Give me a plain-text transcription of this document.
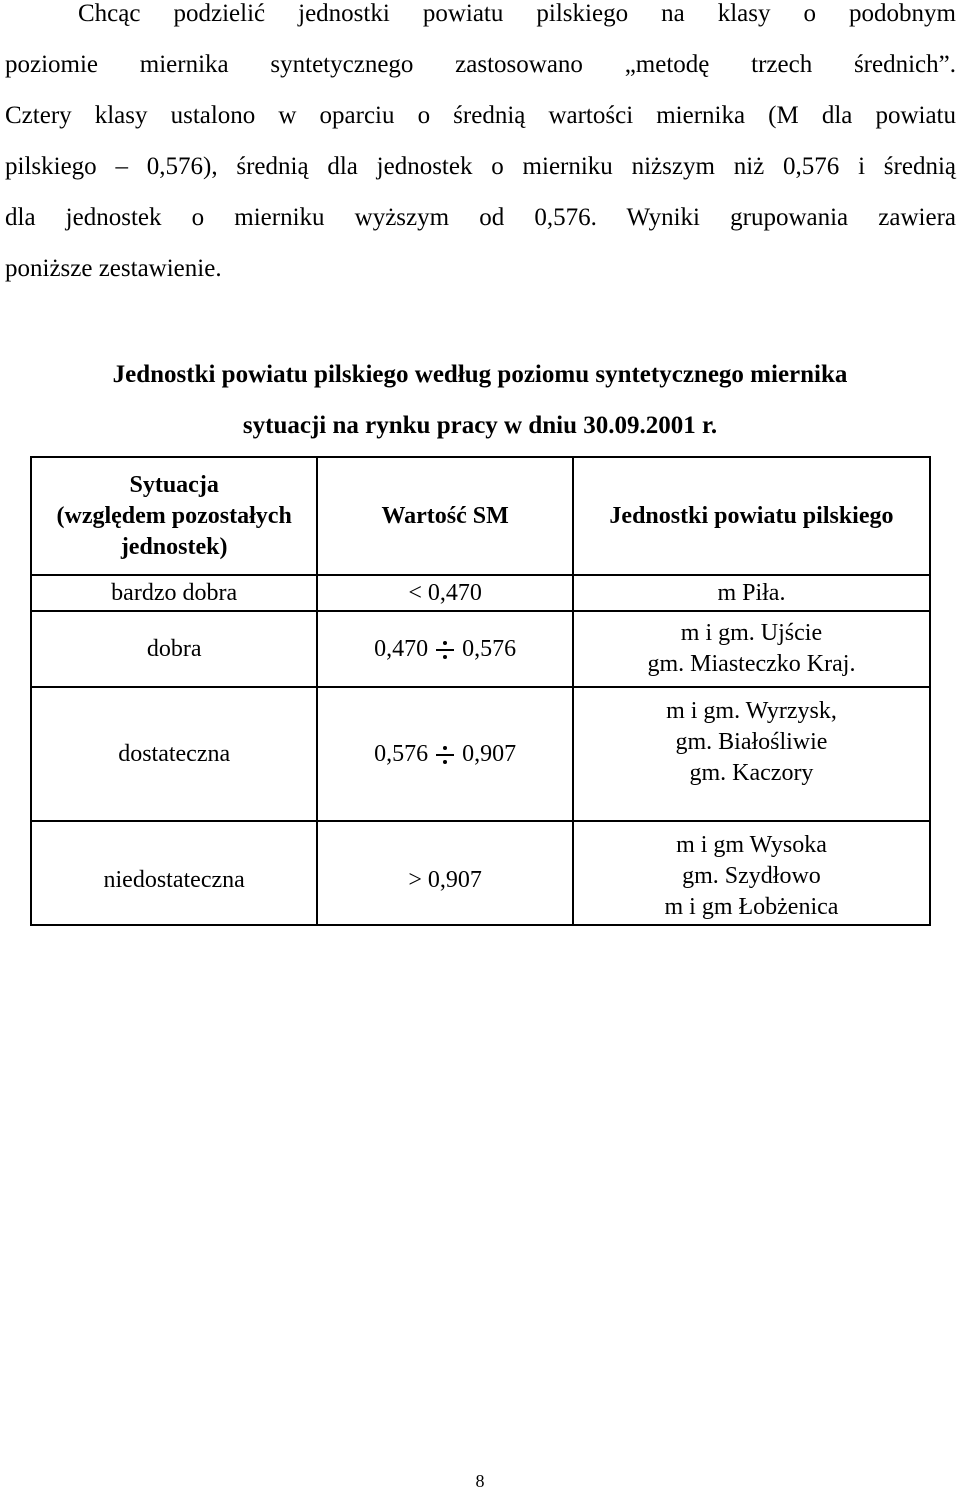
Chcąc podzielić jednostki powiatu pilskiego na klasy o podobnym
poziomie miernika syntetycznego zastosowano „metodę trzech średnich”.
Cztery klasy ustalono w oparciu o średnią wartości miernika (M dla powiatu
pilskiego – 0,576), średnią dla jednostek o mierniku niższym niż 0,576 i średnią
dla jednostek o mierniku wyższym od 0,576. Wyniki grupowania zawiera
poniższe zestawienie.
Jednostki powiatu pilskiego według poziomu syntetycznego miernika
sytuacji na rynku pracy w dniu 30.09.2001 r.
Sytuacja
(względem pozostałych
jednostek)	Wartość SM	Jednostki powiatu pilskiego
bardzo dobra	< 0,470	m Piła.

dobra	0,470 0,576	m i gm. Ujście
gm. Miasteczko Kraj.

dostateczna	0,576 0,907	m i gm. Wyrzysk,
gm. Białośliwie
gm. Kaczory

niedostateczna	> 0,907	m i gm Wysoka
gm. Szydłowo
m i gm Łobżenica
8
